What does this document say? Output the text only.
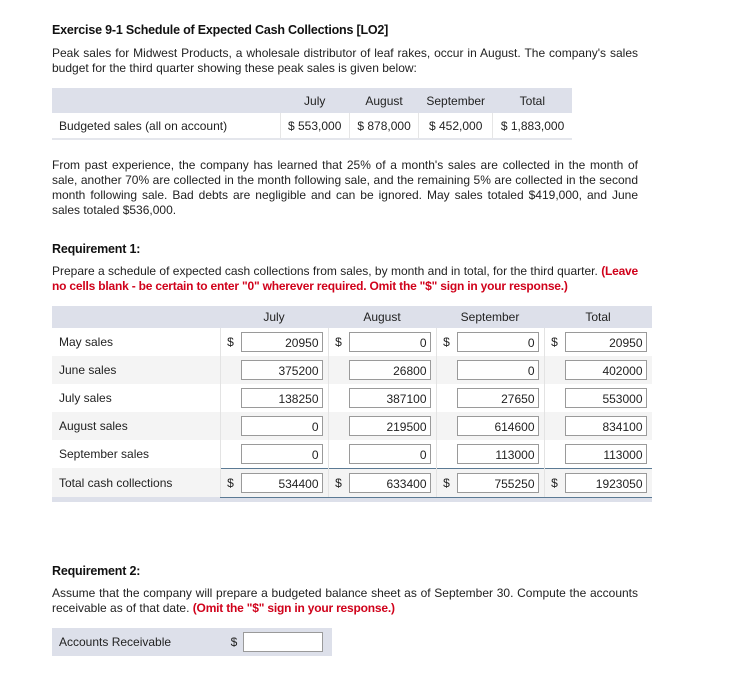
Exercise 9-1 Schedule of Expected Cash Collections [LO2]
Peak sales for Midwest Products, a wholesale distributor of leaf rakes, occur in August. The company's sales budget for the third quarter showing these peak sales is given below:
	July	August	September	Total
Budgeted sales (all on account)	$ 553,000	$ 878,000	$ 452,000	$ 1,883,000
From past experience, the company has learned that 25% of a month's sales are collected in the month of sale, another 70% are collected in the month following sale, and the remaining 5% are collected in the second month following sale. Bad debts are negligible and can be ignored. May sales totaled $419,000, and June sales totaled $536,000.
Requirement 1:
Prepare a schedule of expected cash collections from sales, by month and in total, for the third quarter. (Leave no cells blank - be certain to enter "0" wherever required. Omit the "$" sign in your response.)
	July	August	September	Total
May sales	$20950	$0	$0	$20950
June sales	375200	26800	0	402000
July sales	138250	387100	27650	553000
August sales	0	219500	614600	834100
September sales	0	0	113000	113000
Total cash collections	$534400	$633400	$755250	$1923050

Requirement 2:
Assume that the company will prepare a budgeted balance sheet as of September 30. Compute the accounts receivable as of that date. (Omit the "$" sign in your response.)
Accounts Receivable	$
